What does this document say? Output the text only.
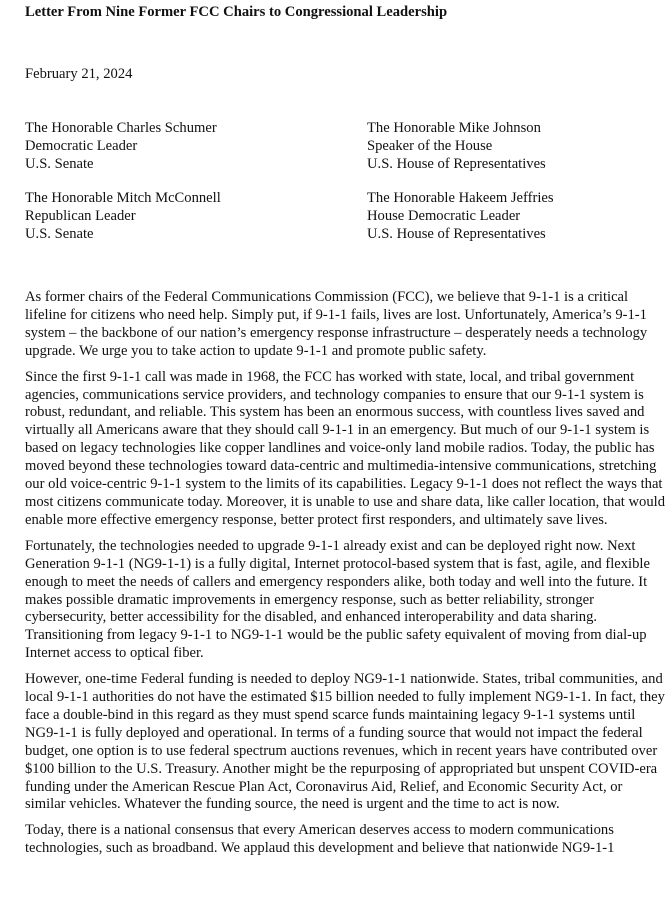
Letter From Nine Former FCC Chairs to Congressional Leadership
February 21, 2024
The Honorable Charles Schumer
Democratic Leader
U.S. Senate
The Honorable Mike Johnson
Speaker of the House
U.S. House of Representatives
The Honorable Mitch McConnell
Republican Leader
U.S. Senate
The Honorable Hakeem Jeffries
House Democratic Leader
U.S. House of Representatives

As former chairs of the Federal Communications Commission (FCC), we believe that 9-1-1 is a critical lifeline for citizens who need help. Simply put, if 9-1-1 fails, lives are lost. Unfortunately, America’s 9-1-1 system – the backbone of our nation’s emergency response infrastructure – desperately needs a technology upgrade. We urge you to take action to update 9-1-1 and promote public safety.

Since the first 9-1-1 call was made in 1968, the FCC has worked with state, local, and tribal government agencies, communications service providers, and technology companies to ensure that our 9-1-1 system is robust, redundant, and reliable. This system has been an enormous success, with countless lives saved and virtually all Americans aware that they should call 9-1-1 in an emergency. But much of our 9-1-1 system is based on legacy technologies like copper landlines and voice-only land mobile radios. Today, the public has moved beyond these technologies toward data-centric and multimedia-intensive communications, stretching our old voice-centric 9-1-1 system to the limits of its capabilities. Legacy 9-1-1 does not reflect the ways that most citizens communicate today. Moreover, it is unable to use and share data, like caller location, that would enable more effective emergency response, better protect first responders, and ultimately save lives.

Fortunately, the technologies needed to upgrade 9-1-1 already exist and can be deployed right now. Next Generation 9-1-1 (NG9-1-1) is a fully digital, Internet protocol-based system that is fast, agile, and flexible enough to meet the needs of callers and emergency responders alike, both today and well into the future. It makes possible dramatic improvements in emergency response, such as better reliability, stronger cybersecurity, better accessibility for the disabled, and enhanced interoperability and data sharing. Transitioning from legacy 9-1-1 to NG9-1-1 would be the public safety equivalent of moving from dial-up Internet access to optical fiber.

However, one-time Federal funding is needed to deploy NG9-1-1 nationwide. States, tribal communities, and local 9-1-1 authorities do not have the estimated $15 billion needed to fully implement NG9-1-1. In fact, they face a double-bind in this regard as they must spend scarce funds maintaining legacy 9-1-1 systems until NG9-1-1 is fully deployed and operational. In terms of a funding source that would not impact the federal budget, one option is to use federal spectrum auctions revenues, which in recent years have contributed over $100 billion to the U.S. Treasury. Another might be the repurposing of appropriated but unspent COVID-era funding under the American Rescue Plan Act, Coronavirus Aid, Relief, and Economic Security Act, or similar vehicles. Whatever the funding source, the need is urgent and the time to act is now.

Today, there is a national consensus that every American deserves access to modern communications technologies, such as broadband. We applaud this development and believe that nationwide NG9-1-1
